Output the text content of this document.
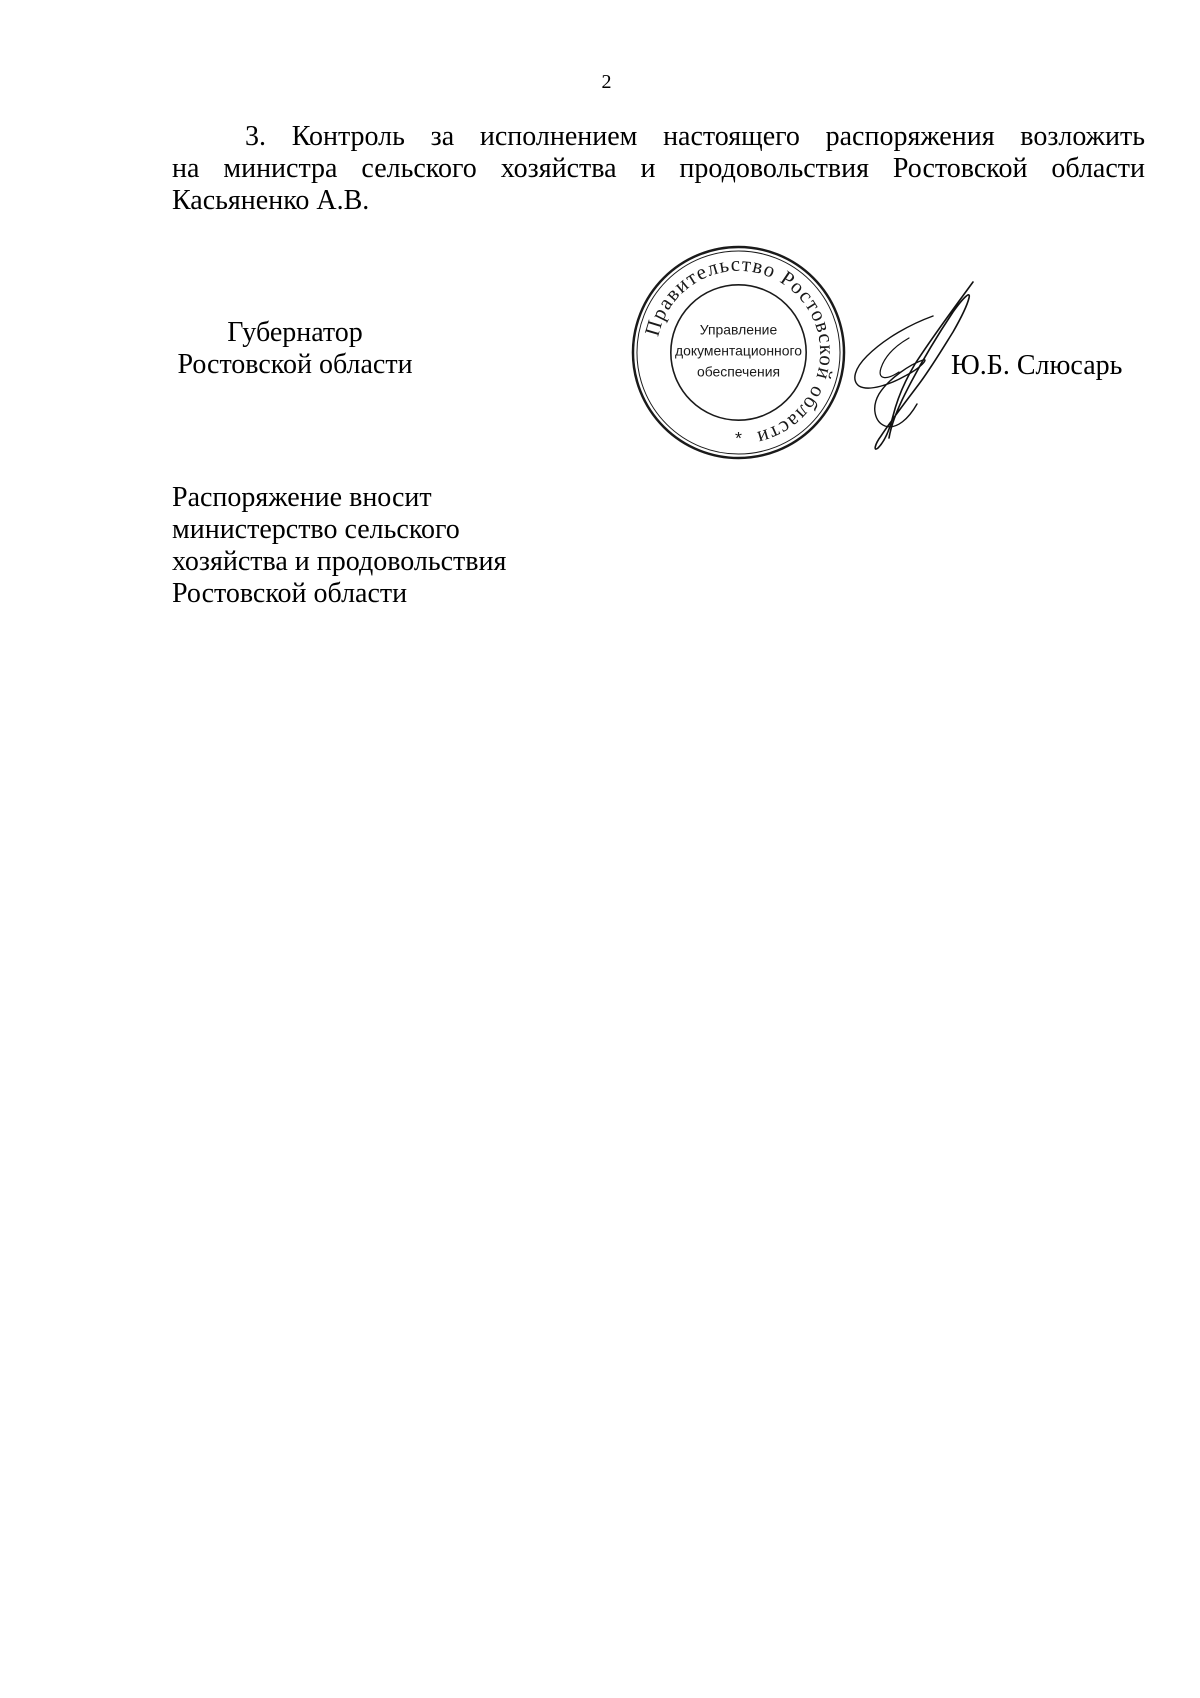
2
3. Контроль за исполнением настоящего распоряжения возложить
на министра сельского хозяйства и продовольствия Ростовской области
Касьяненко А.В.
Губернатор
Ростовской области
Правительство Ростовской области
Управление
документационного
обеспечения
*
Ю.Б. Слюсарь
Распоряжение вносит
министерство сельского
хозяйства и продовольствия
Ростовской области
